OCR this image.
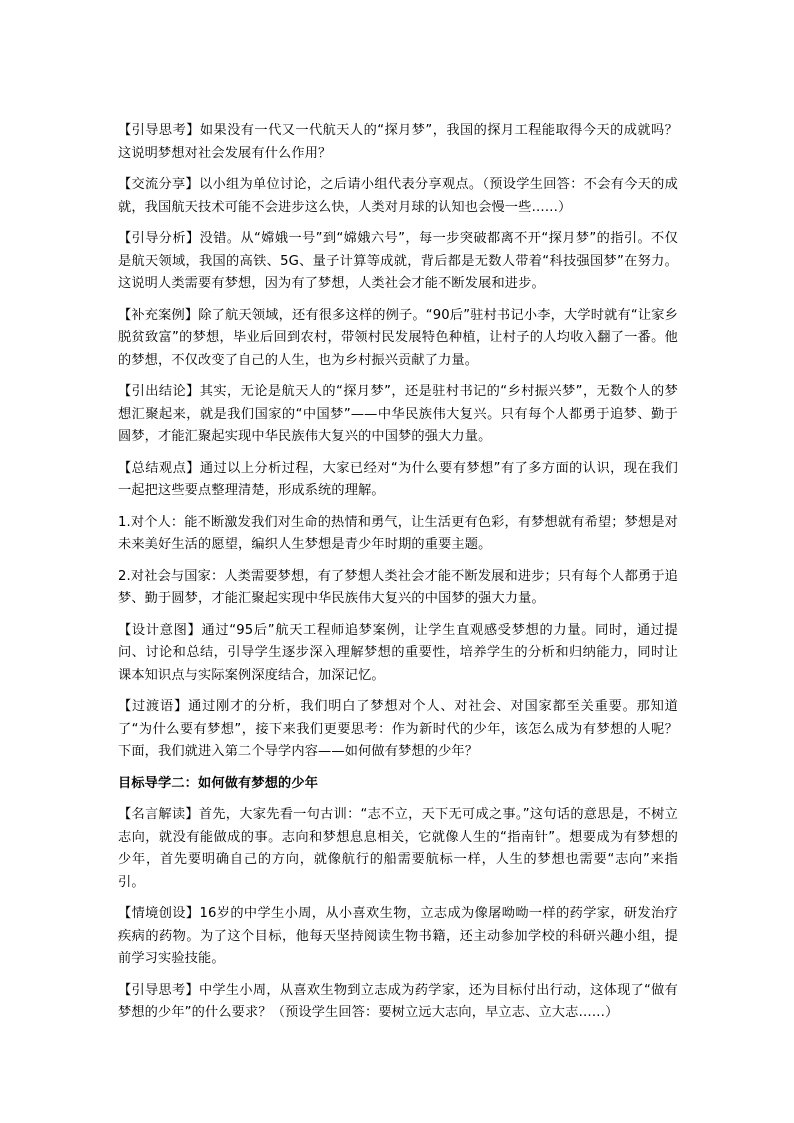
【引导思考】如果没有一代又一代航天人的“探月梦”，我国的探月工程能取得今天的成就吗？这说明梦想对社会发展有什么作用？

【交流分享】以小组为单位讨论，之后请小组代表分享观点。（预设学生回答：不会有今天的成就，我国航天技术可能不会进步这么快，人类对月球的认知也会慢一些……）

【引导分析】没错。从“嫦娥一号”到“嫦娥六号”，每一步突破都离不开“探月梦”的指引。不仅是航天领域，我国的高铁、5G、量子计算等成就，背后都是无数人带着“科技强国梦”在努力。这说明人类需要有梦想，因为有了梦想，人类社会才能不断发展和进步。

【补充案例】除了航天领域，还有很多这样的例子。“90后”驻村书记小李，大学时就有“让家乡脱贫致富”的梦想，毕业后回到农村，带领村民发展特色种植，让村子的人均收入翻了一番。他的梦想，不仅改变了自己的人生，也为乡村振兴贡献了力量。

【引出结论】其实，无论是航天人的“探月梦”，还是驻村书记的“乡村振兴梦”，无数个人的梦想汇聚起来，就是我们国家的“中国梦”——中华民族伟大复兴。只有每个人都勇于追梦、勤于圆梦，才能汇聚起实现中华民族伟大复兴的中国梦的强大力量。

【总结观点】通过以上分析过程，大家已经对“为什么要有梦想”有了多方面的认识，现在我们一起把这些要点整理清楚，形成系统的理解。

1.对个人：能不断激发我们对生命的热情和勇气，让生活更有色彩，有梦想就有希望；梦想是对未来美好生活的愿望，编织人生梦想是青少年时期的重要主题。

2.对社会与国家：人类需要梦想，有了梦想人类社会才能不断发展和进步；只有每个人都勇于追梦、勤于圆梦，才能汇聚起实现中华民族伟大复兴的中国梦的强大力量。

【设计意图】通过“95后”航天工程师追梦案例，让学生直观感受梦想的力量。同时，通过提问、讨论和总结，引导学生逐步深入理解梦想的重要性，培养学生的分析和归纳能力，同时让课本知识点与实际案例深度结合，加深记忆。

【过渡语】通过刚才的分析，我们明白了梦想对个人、对社会、对国家都至关重要。那知道了“为什么要有梦想”，接下来我们更要思考：作为新时代的少年，该怎么成为有梦想的人呢？下面，我们就进入第二个导学内容——如何做有梦想的少年？

目标导学二：如何做有梦想的少年

【名言解读】首先，大家先看一句古训：“志不立，天下无可成之事。”这句话的意思是，不树立志向，就没有能做成的事。志向和梦想息息相关，它就像人生的“指南针”。想要成为有梦想的少年，首先要明确自己的方向，就像航行的船需要航标一样，人生的梦想也需要“志向”来指引。

【情境创设】16岁的中学生小周，从小喜欢生物，立志成为像屠呦呦一样的药学家，研发治疗疾病的药物。为了这个目标，他每天坚持阅读生物书籍，还主动参加学校的科研兴趣小组，提前学习实验技能。

【引导思考】中学生小周，从喜欢生物到立志成为药学家，还为目标付出行动，这体现了“做有梦想的少年”的什么要求？（预设学生回答：要树立远大志向，早立志、立大志……）
